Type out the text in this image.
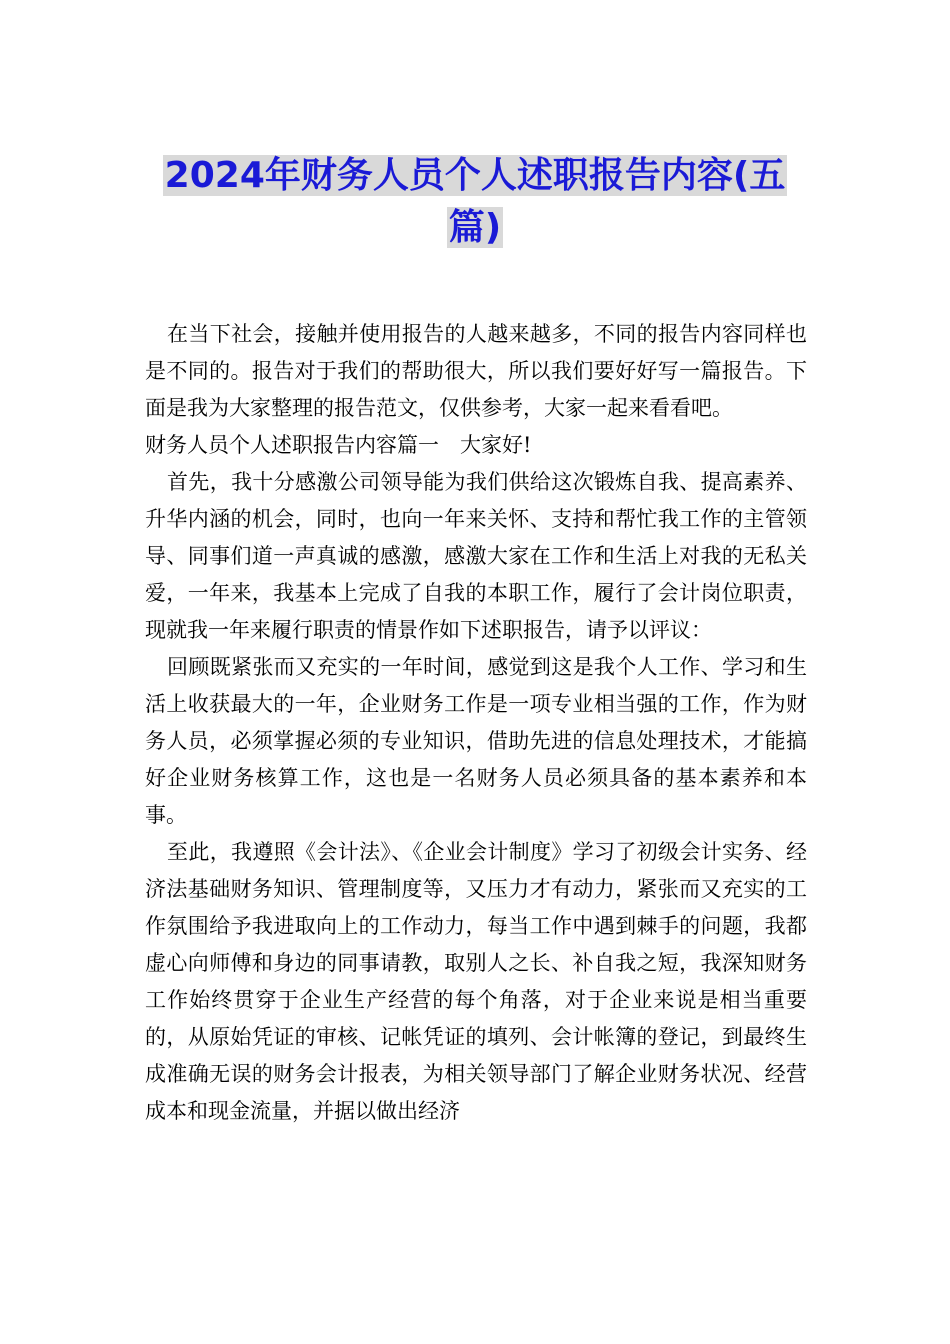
2024年财务人员个人述职报告内容(五
篇)

在当下社会，接触并使用报告的人越来越多，不同的报告内容同样也是不同的。报告对于我们的帮助很大，所以我们要好好写一篇报告。下面是我为大家整理的报告范文，仅供参考，大家一起来看看吧。

财务人员个人述职报告内容篇一　大家好!

首先，我十分感激公司领导能为我们供给这次锻炼自我、提高素养、升华内涵的机会，同时，也向一年来关怀、支持和帮忙我工作的主管领导、同事们道一声真诚的感激，感激大家在工作和生活上对我的无私关爱，一年来，我基本上完成了自我的本职工作，履行了会计岗位职责，现就我一年来履行职责的情景作如下述职报告，请予以评议：

回顾既紧张而又充实的一年时间，感觉到这是我个人工作、学习和生活上收获最大的一年，企业财务工作是一项专业相当强的工作，作为财务人员，必须掌握必须的专业知识，借助先进的信息处理技术，才能搞好企业财务核算工作，这也是一名财务人员必须具备的基本素养和本事。

至此，我遵照《会计法》、《企业会计制度》学习了初级会计实务、经济法基础财务知识、管理制度等，又压力才有动力，紧张而又充实的工作氛围给予我进取向上的工作动力，每当工作中遇到棘手的问题，我都虚心向师傅和身边的同事请教，取别人之长、补自我之短，我深知财务工作始终贯穿于企业生产经营的每个角落，对于企业来说是相当重要的，从原始凭证的审核、记帐凭证的填列、会计帐簿的登记，到最终生成准确无误的财务会计报表，为相关领导部门了解企业财务状况、经营成本和现金流量，并据以做出经济
